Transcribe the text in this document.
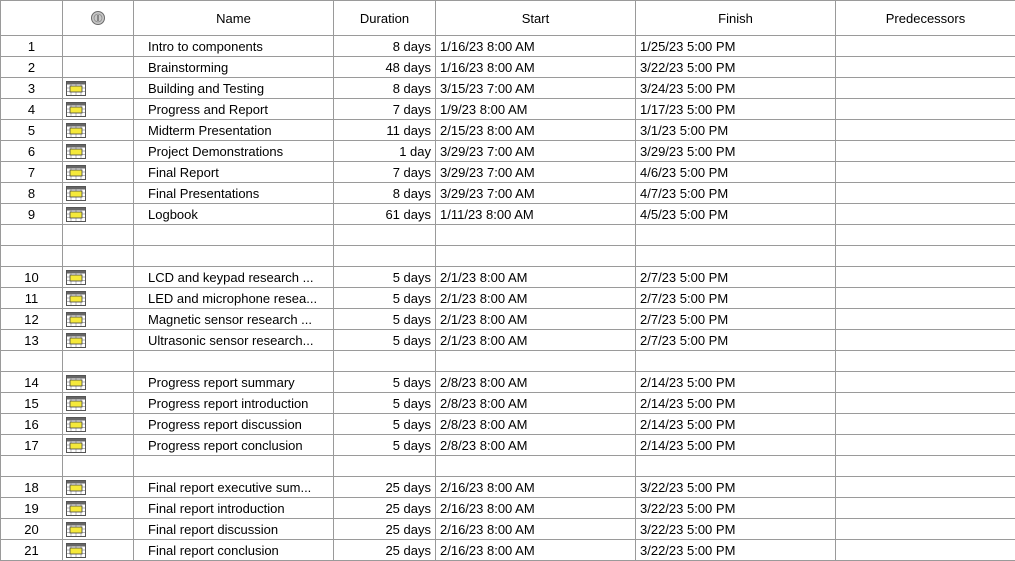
		Name	Duration	Start	Finish	Predecessors
1		Intro to components	8 days	1/16/23 8:00 AM	1/25/23 5:00 PM	
2		Brainstorming	48 days	1/16/23 8:00 AM	3/22/23 5:00 PM	
3		Building and Testing	8 days	3/15/23 7:00 AM	3/24/23 5:00 PM	
4		Progress and Report	7 days	1/9/23 8:00 AM	1/17/23 5:00 PM	
5		Midterm Presentation	11 days	2/15/23 8:00 AM	3/1/23 5:00 PM	
6		Project Demonstrations	1 day	3/29/23 7:00 AM	3/29/23 5:00 PM	
7		Final Report	7 days	3/29/23 7:00 AM	4/6/23 5:00 PM	
8		Final Presentations	8 days	3/29/23 7:00 AM	4/7/23 5:00 PM	
9		Logbook	61 days	1/11/23 8:00 AM	4/5/23 5:00 PM	

10		LCD and keypad research ...	5 days	2/1/23 8:00 AM	2/7/23 5:00 PM	
11		LED and microphone resea...	5 days	2/1/23 8:00 AM	2/7/23 5:00 PM	
12		Magnetic sensor research ...	5 days	2/1/23 8:00 AM	2/7/23 5:00 PM	
13		Ultrasonic sensor research...	5 days	2/1/23 8:00 AM	2/7/23 5:00 PM	

14		Progress report summary	5 days	2/8/23 8:00 AM	2/14/23 5:00 PM	
15		Progress report introduction	5 days	2/8/23 8:00 AM	2/14/23 5:00 PM	
16		Progress report discussion	5 days	2/8/23 8:00 AM	2/14/23 5:00 PM	
17		Progress report conclusion	5 days	2/8/23 8:00 AM	2/14/23 5:00 PM	

18		Final report executive sum...	25 days	2/16/23 8:00 AM	3/22/23 5:00 PM	
19		Final report introduction	25 days	2/16/23 8:00 AM	3/22/23 5:00 PM	
20		Final report discussion	25 days	2/16/23 8:00 AM	3/22/23 5:00 PM	
21		Final report conclusion	25 days	2/16/23 8:00 AM	3/22/23 5:00 PM	
